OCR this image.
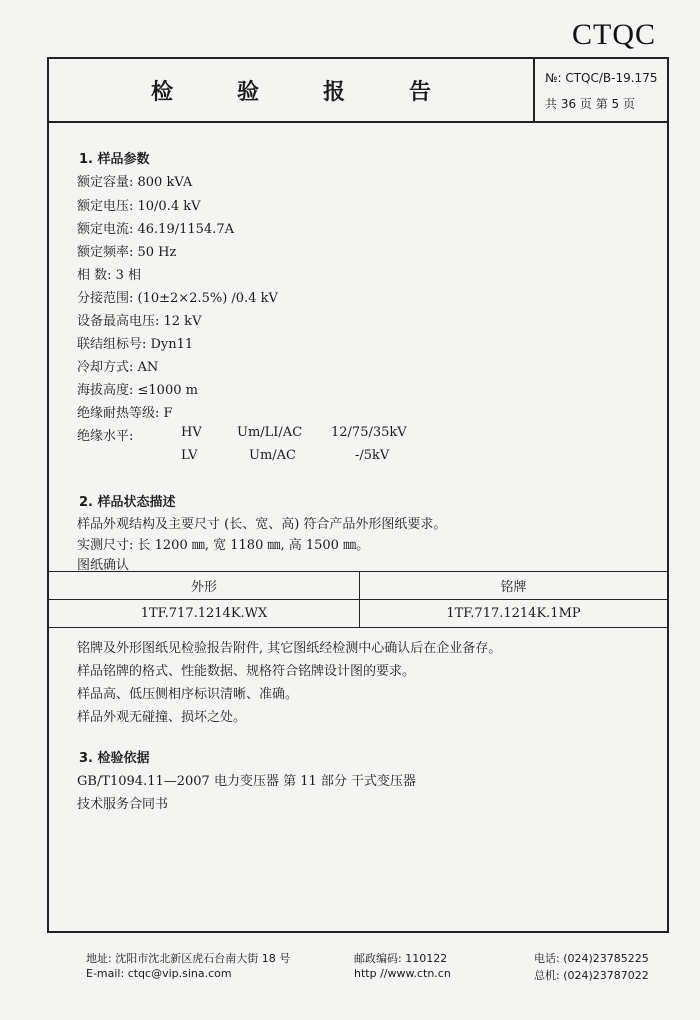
CTQC
检	验	报	告
№: CTQC/B-19.175
共 36 页 第 5 页
1. 样品参数
额定容量: 800 kVA
额定电压: 10/0.4 kV
额定电流: 46.19/1154.7A
额定频率: 50 Hz
相 数: 3 相
分接范围: (10±2×2.5%) /0.4 kV
设备最高电压: 12 kV
联结组标号: Dyn11
冷却方式: AN
海拔高度: ≤1000 m
绝缘耐热等级: F
绝缘水平:	HV	Um/LI/AC 12/75/35kV
LV	Um/AC	-/5kV
2. 样品状态描述
样品外观结构及主要尺寸 (长、宽、高) 符合产品外形图纸要求。
实测尺寸: 长 1200 ㎜, 宽 1180 ㎜, 高 1500 ㎜。
图纸确认
外形	铭牌
1TF.717.1214K.WX	1TF.717.1214K.1MP
铭牌及外形图纸见检验报告附件, 其它图纸经检测中心确认后在企业备存。
样品铭牌的格式、性能数据、规格符合铭牌设计图的要求。
样品高、低压侧相序标识清晰、准确。
样品外观无碰撞、损坏之处。
3. 检验依据
GB/T1094.11—2007 电力变压器 第 11 部分 干式变压器
技术服务合同书
地址: 沈阳市沈北新区虎石台南大街 18 号	邮政编码: 110122	电话: (024)23785225
E-mail: ctqc@vip.sina.com	http //www.ctn.cn	总机: (024)23787022
